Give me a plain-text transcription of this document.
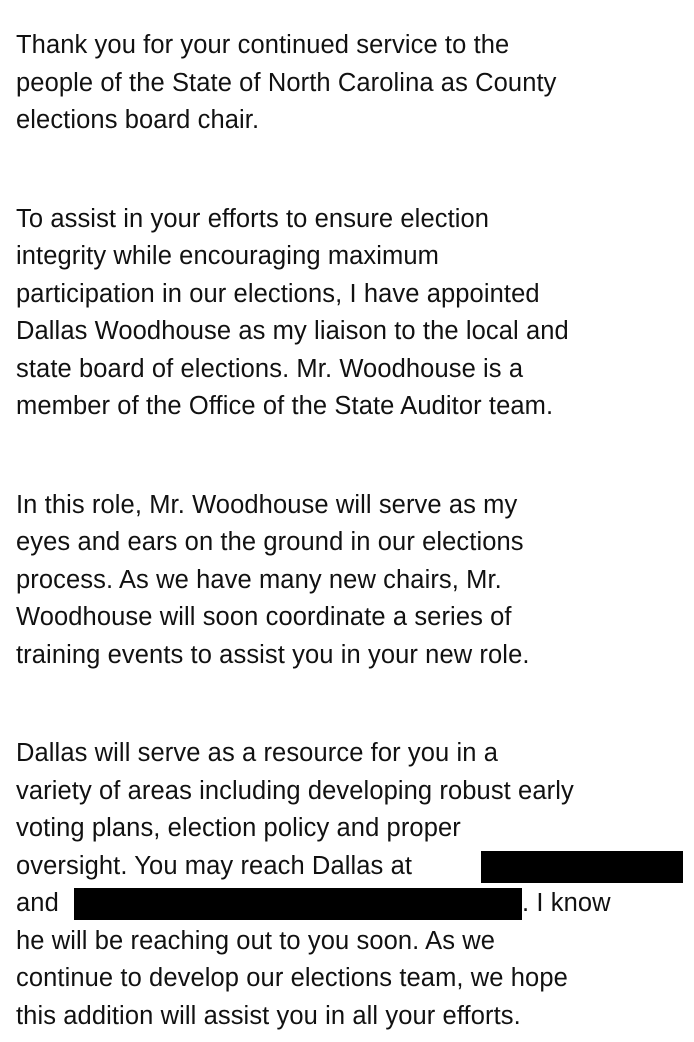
Thank you for your continued service to the
people of the State of North Carolina as County
elections board chair.
To assist in your efforts to ensure election
integrity while encouraging maximum
participation in our elections, I have appointed
Dallas Woodhouse as my liaison to the local and
state board of elections. Mr. Woodhouse is a
member of the Office of the State Auditor team.
In this role, Mr. Woodhouse will serve as my
eyes and ears on the ground in our elections
process. As we have many new chairs, Mr.
Woodhouse will soon coordinate a series of
training events to assist you in your new role.
Dallas will serve as a resource for you in a
variety of areas including developing robust early
voting plans, election policy and proper
oversight. You may reach Dallas at
and	. I know
he will be reaching out to you soon. As we
continue to develop our elections team, we hope
this addition will assist you in all your efforts.
